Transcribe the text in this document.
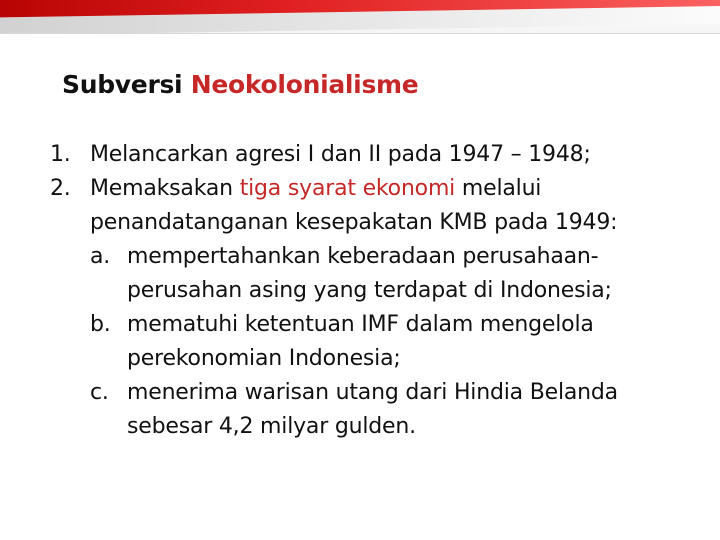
Subversi Neokolonialisme
1. Melancarkan agresi I dan II pada 1947 – 1948;
2. Memaksakan tiga syarat ekonomi melalui penandatanganan kesepakatan KMB pada 1949:
a. mempertahankan keberadaan perusahaan-perusahan asing yang terdapat di Indonesia;
b. mematuhi ketentuan IMF dalam mengelola perekonomian Indonesia;
c. menerima warisan utang dari Hindia Belanda sebesar 4,2 milyar gulden.
